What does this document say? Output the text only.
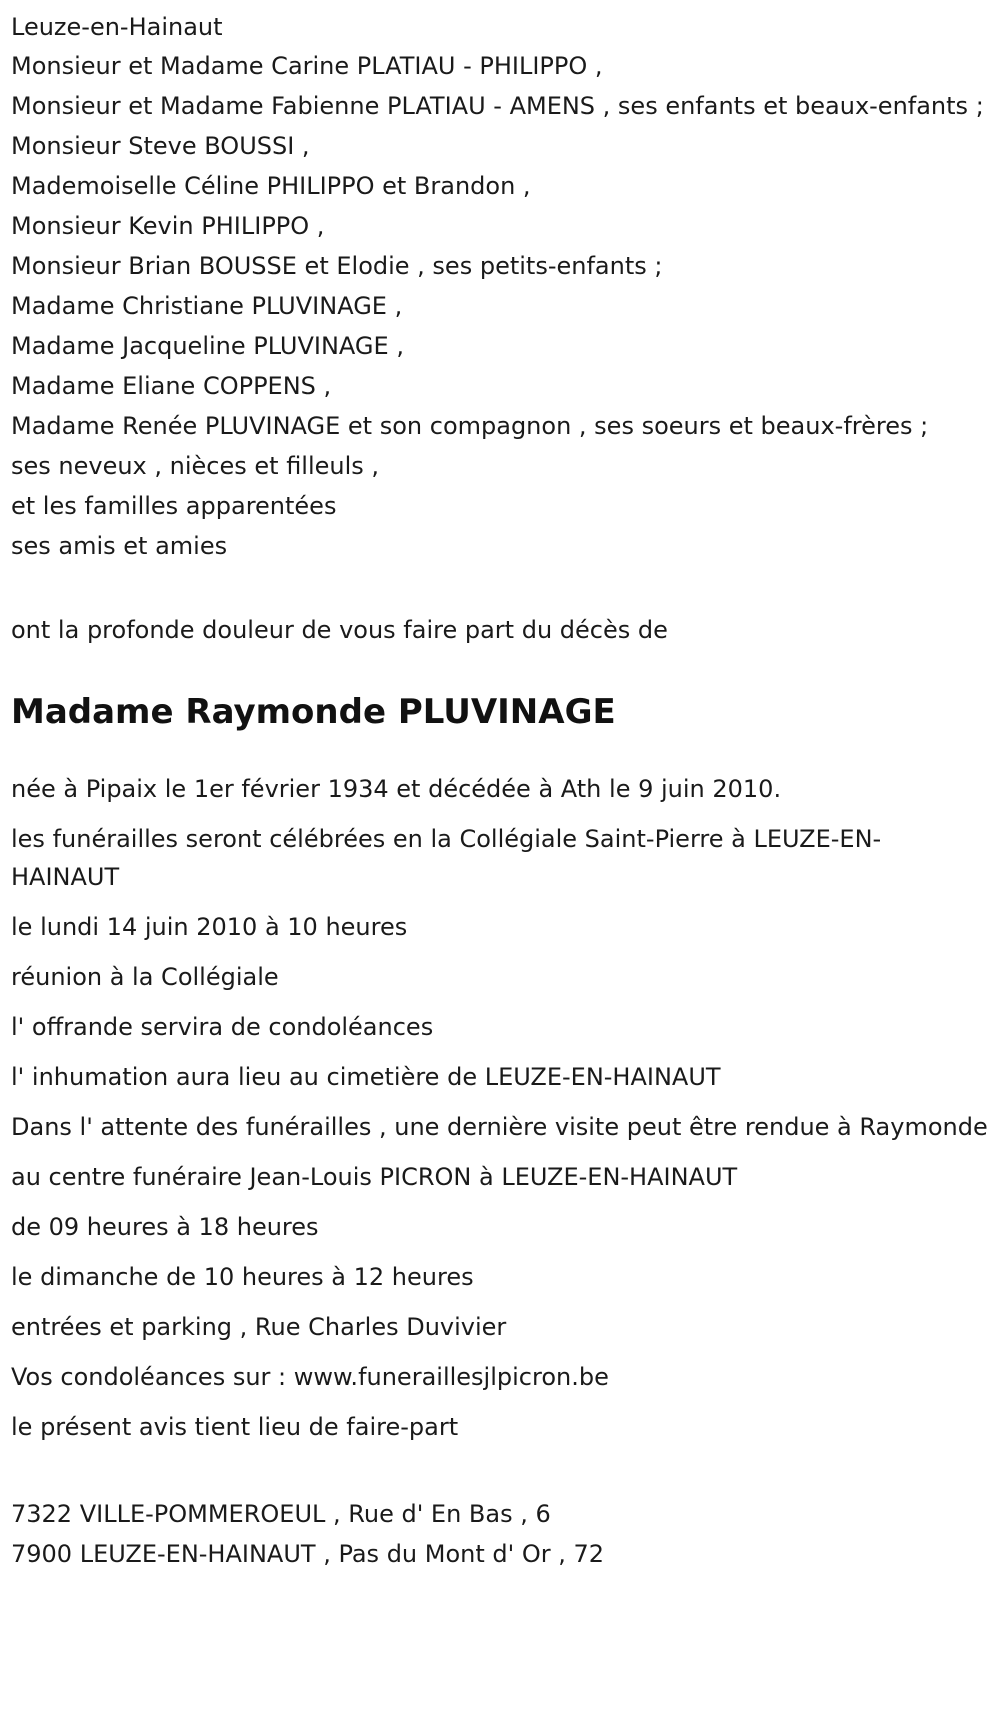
Leuze-en-Hainaut

Monsieur et Madame Carine PLATIAU - PHILIPPO ,

Monsieur et Madame Fabienne PLATIAU - AMENS , ses enfants et beaux-enfants ;

Monsieur Steve BOUSSI ,

Mademoiselle Céline PHILIPPO et Brandon ,

Monsieur Kevin PHILIPPO ,

Monsieur Brian BOUSSE et Elodie , ses petits-enfants ;

Madame Christiane PLUVINAGE ,

Madame Jacqueline PLUVINAGE ,

Madame Eliane COPPENS ,

Madame Renée PLUVINAGE et son compagnon , ses soeurs et beaux-frères ;

ses neveux , nièces et filleuls ,

et les familles apparentées

ses amis et amies

ont la profonde douleur de vous faire part du décès de

Madame Raymonde PLUVINAGE

née à Pipaix le 1er février 1934 et décédée à Ath le 9 juin 2010.

les funérailles seront célébrées en la Collégiale Saint-Pierre à LEUZE-EN-HAINAUT

le lundi 14 juin 2010 à 10 heures

réunion à la Collégiale

l' offrande servira de condoléances

l' inhumation aura lieu au cimetière de LEUZE-EN-HAINAUT

Dans l' attente des funérailles , une dernière visite peut être rendue à Raymonde

au centre funéraire Jean-Louis PICRON à LEUZE-EN-HAINAUT

de 09 heures à 18 heures

le dimanche de 10 heures à 12 heures

entrées et parking , Rue Charles Duvivier

Vos condoléances sur : www.funeraillesjlpicron.be

le présent avis tient lieu de faire-part

7322 VILLE-POMMEROEUL , Rue d' En Bas , 6

7900 LEUZE-EN-HAINAUT , Pas du Mont d' Or , 72
